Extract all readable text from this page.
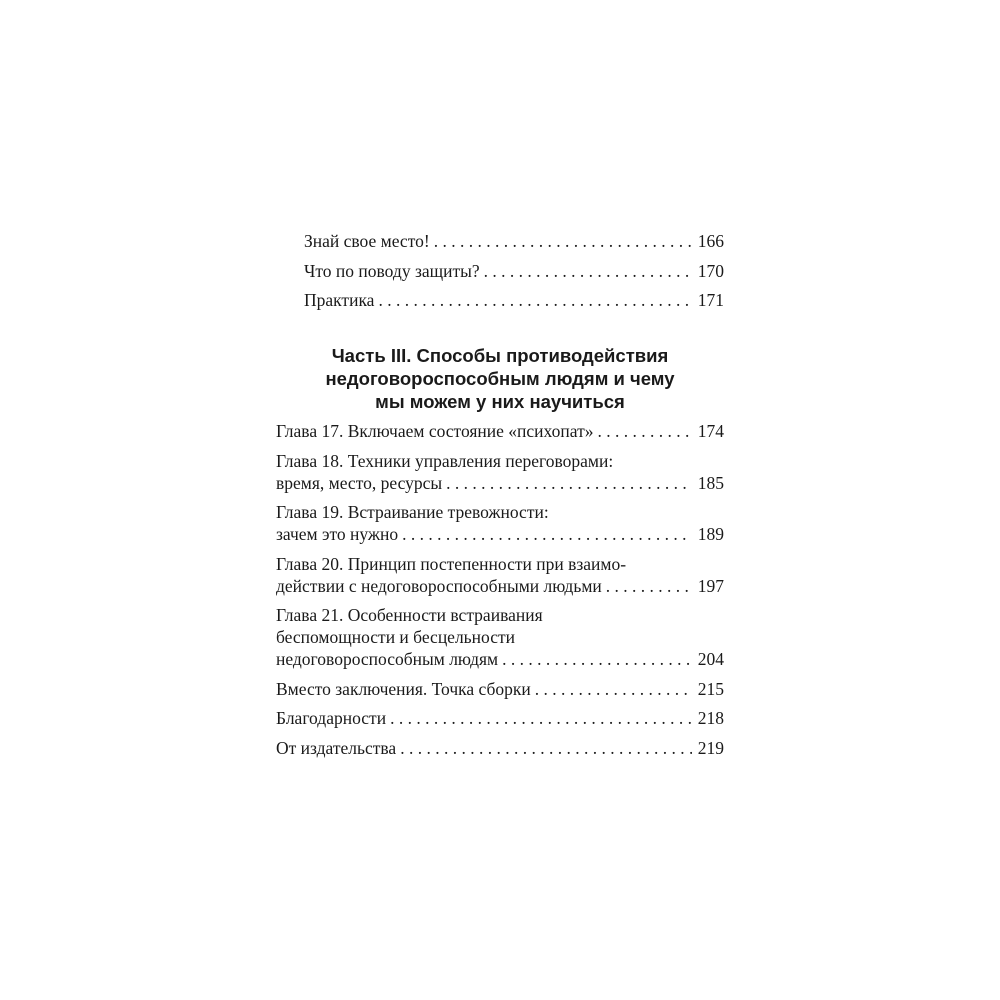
Знай свое место! . . .	166
Что по поводу защиты? . . .	170
Практика . . .	171
Часть III. Способы противодействия
недоговороспособным людям и чему
мы можем у них научиться
Глава 17. Включаем состояние «психопат» . . .	174
Глава 18. Техники управления переговорами:
время, место, ресурсы . . .	185
Глава 19. Встраивание тревожности:
зачем это нужно . . .	189
Глава 20. Принцип постепенности при взаимо-
действии с недоговороспособными людьми . . .	197
Глава 21. Особенности встраивания
беспомощности и бесцельности
недоговороспособным людям . . .	204
Вместо заключения. Точка сборки . . .	215
Благодарности . . .	218
От издательства . . .	219
